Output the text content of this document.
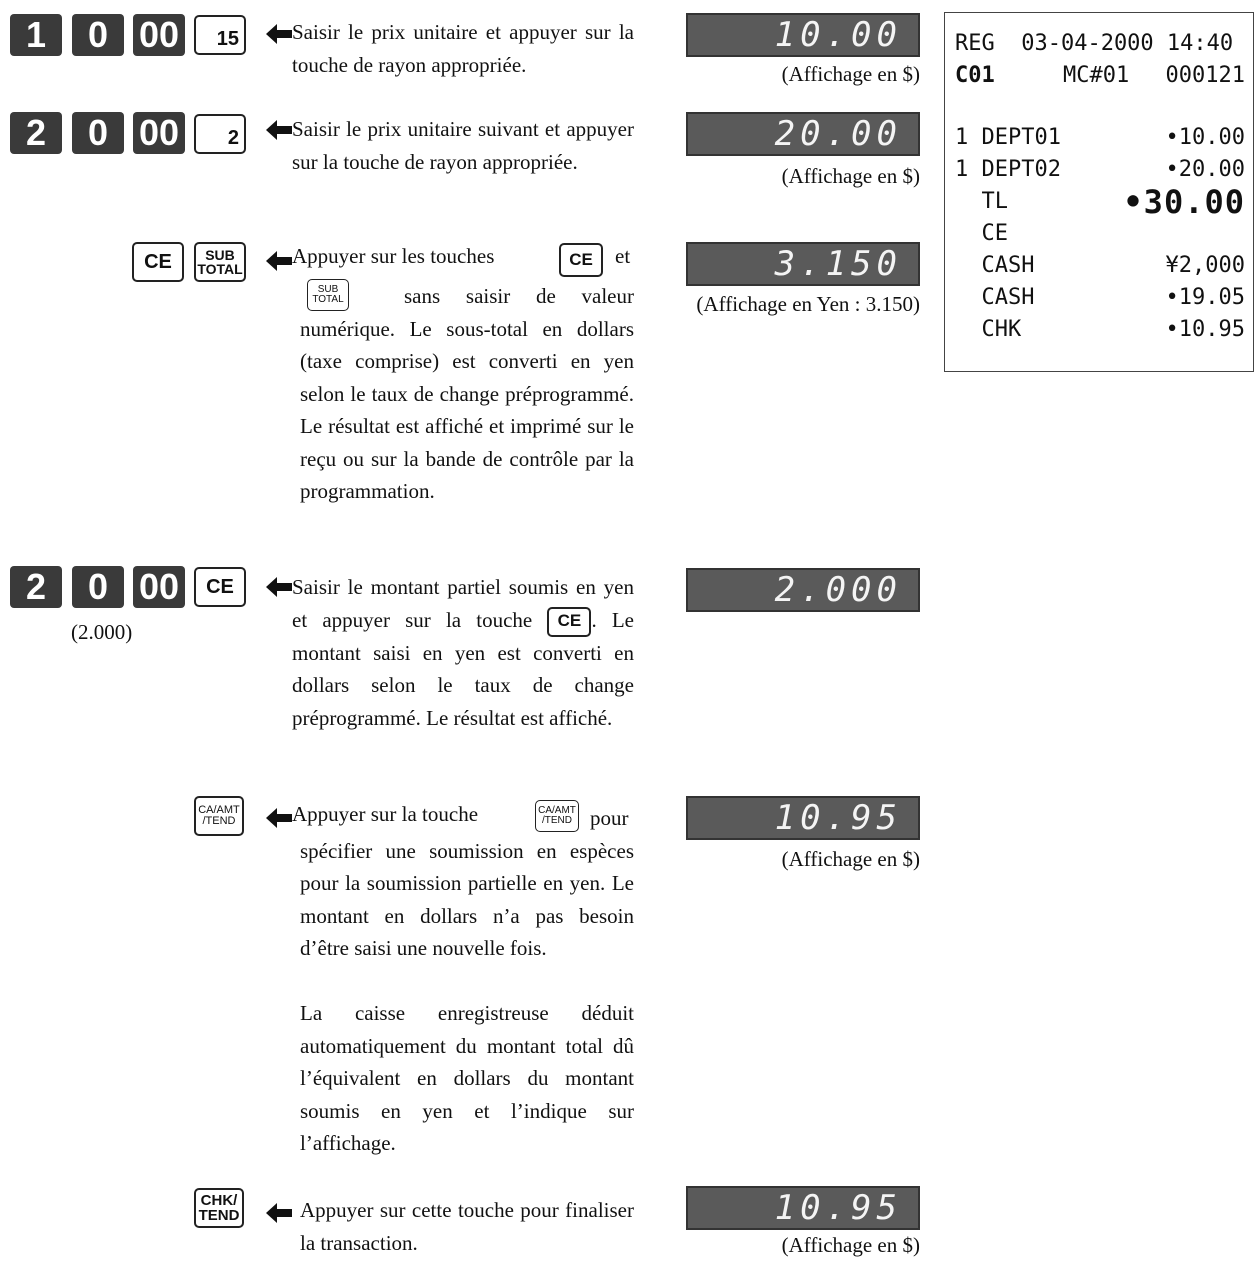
1	0 00	15	Saisir le prix unitaire et appuyer sur la touche de rayon appropriée.

10.00
(Affichage en $)
2	0 00	2	Saisir le prix unitaire suivant et appuyer sur la touche de rayon appropriée.

20.00
(Affichage en $)
CE	SUB
TOTAL
Appuyer sur les touches	CE	et
SUB
TOTAL	sans saisir de valeur numérique. Le sous-total en dollars (taxe comprise) est converti en yen selon le taux de change préprogrammé. Le résultat est affiché et imprimé sur le reçu ou sur la bande de contrôle par la programmation.

3.150
(Affichage en Yen : 3.150)
2	0 00	CE
(2.000)

Saisir le montant partiel soumis en yen et appuyer sur la touche CE . Le montant saisi en yen est converti en dollars selon le taux de change préprogrammé. Le résultat est affiché.

2.000
CA/AMT
/TEND	Appuyer sur la touche	CA/AMT
/TEND pour spécifier une soumission en espèces pour la soumission partielle en yen. Le montant en dollars n’a pas besoin d’être saisi une nouvelle fois.

La caisse enregistreuse déduit automatiquement du montant total dû l’équivalent en dollars du montant soumis en yen et l’indique sur l’affichage.

10.95
(Affichage en $)
CHK/
TEND	Appuyer sur cette touche pour finaliser la transaction.

10.95
(Affichage en $)
REG  03-04-2000 14:40
C01	MC#01 000121
1 DEPT01	•10.00
1 DEPT02	•20.00
TL	•30.00
CE
CASH	¥2,000
CASH	•19.05
CHK	•10.95
